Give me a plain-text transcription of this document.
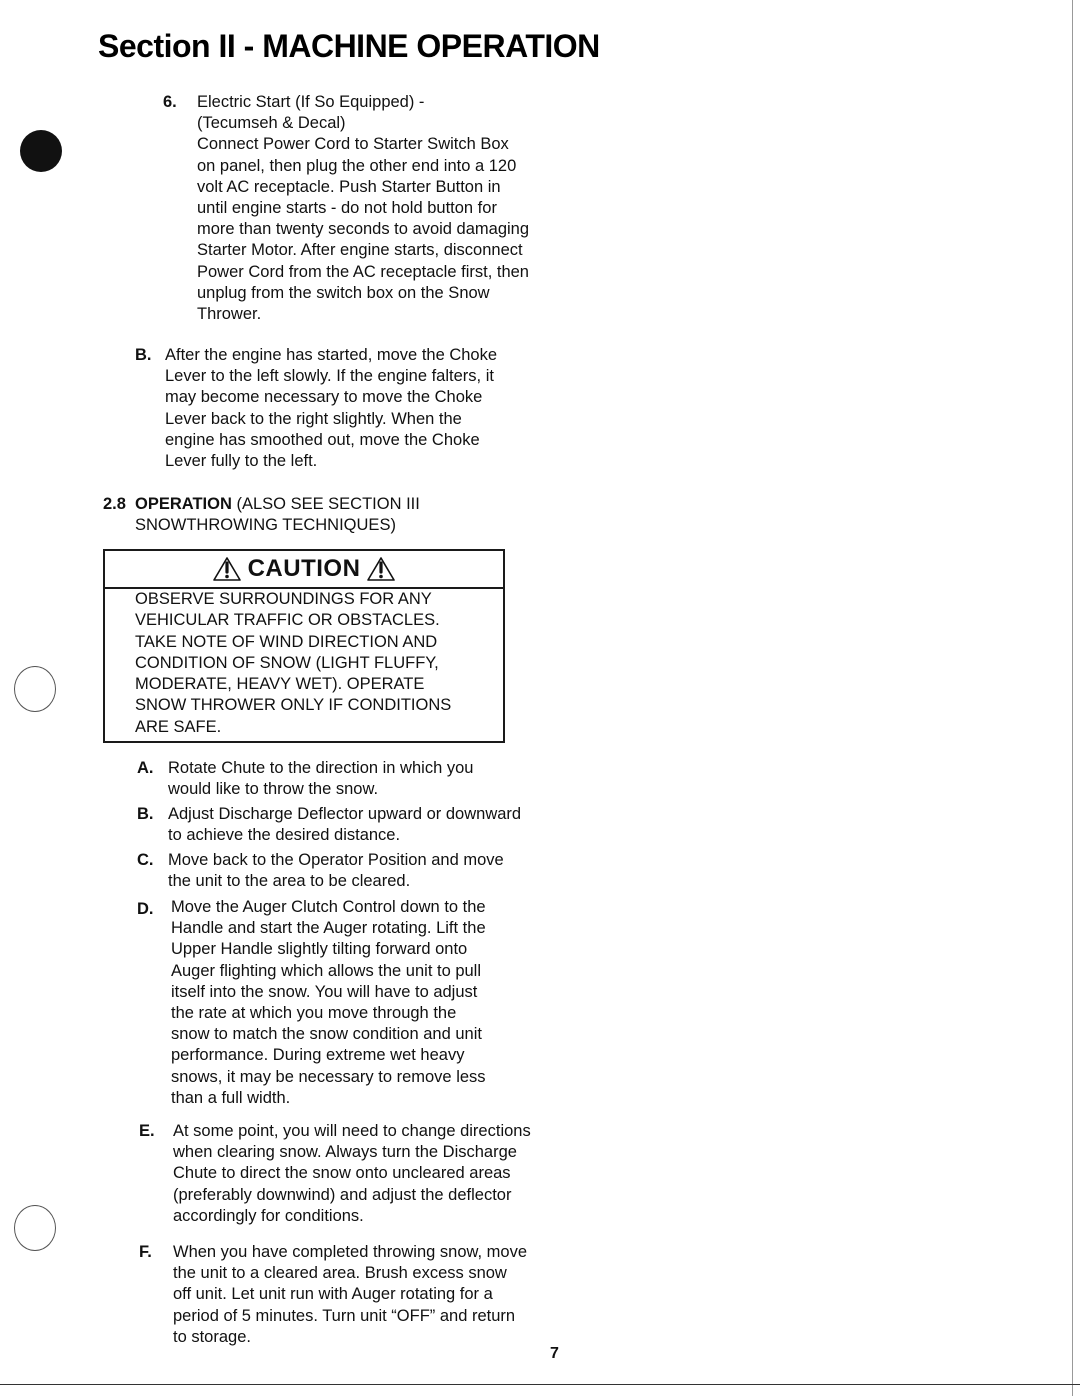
Section II - MACHINE OPERATION
6. Electric Start (If So Equipped) -
(Tecumseh & Decal)
Connect Power Cord to Starter Switch Box
on panel, then plug the other end into a 120
volt AC receptacle. Push Starter Button in
until engine starts - do not hold button for
more than twenty seconds to avoid damaging
Starter Motor. After engine starts, disconnect
Power Cord from the AC receptacle first, then
unplug from the switch box on the Snow
Thrower.
B. After the engine has started, move the Choke
Lever to the left slowly. If the engine falters, it
may become necessary to move the Choke
Lever back to the right slightly. When the
engine has smoothed out, move the Choke
Lever fully to the left.
2.8 OPERATION (ALSO SEE SECTION III
SNOWTHROWING TECHNIQUES)
CAUTION
OBSERVE SURROUNDINGS FOR ANY
VEHICULAR TRAFFIC OR OBSTACLES.
TAKE NOTE OF WIND DIRECTION AND
CONDITION OF SNOW (LIGHT FLUFFY,
MODERATE, HEAVY WET). OPERATE
SNOW THROWER ONLY IF CONDITIONS
ARE SAFE.
A. Rotate Chute to the direction in which you
would like to throw the snow.
B. Adjust Discharge Deflector upward or downward
to achieve the desired distance.
C. Move back to the Operator Position and move
the unit to the area to be cleared.
D. Move the Auger Clutch Control down to the
Handle and start the Auger rotating. Lift the
Upper Handle slightly tilting forward onto
Auger flighting which allows the unit to pull
itself into the snow. You will have to adjust
the rate at which you move through the
snow to match the snow condition and unit
performance. During extreme wet heavy
snows, it may be necessary to remove less
than a full width.
E. At some point, you will need to change directions
when clearing snow. Always turn the Discharge
Chute to direct the snow onto uncleared areas
(preferably downwind) and adjust the deflector
accordingly for conditions.
F. When you have completed throwing snow, move
the unit to a cleared area. Brush excess snow
off unit. Let unit run with Auger rotating for a
period of 5 minutes. Turn unit “OFF” and return
to storage.
7
